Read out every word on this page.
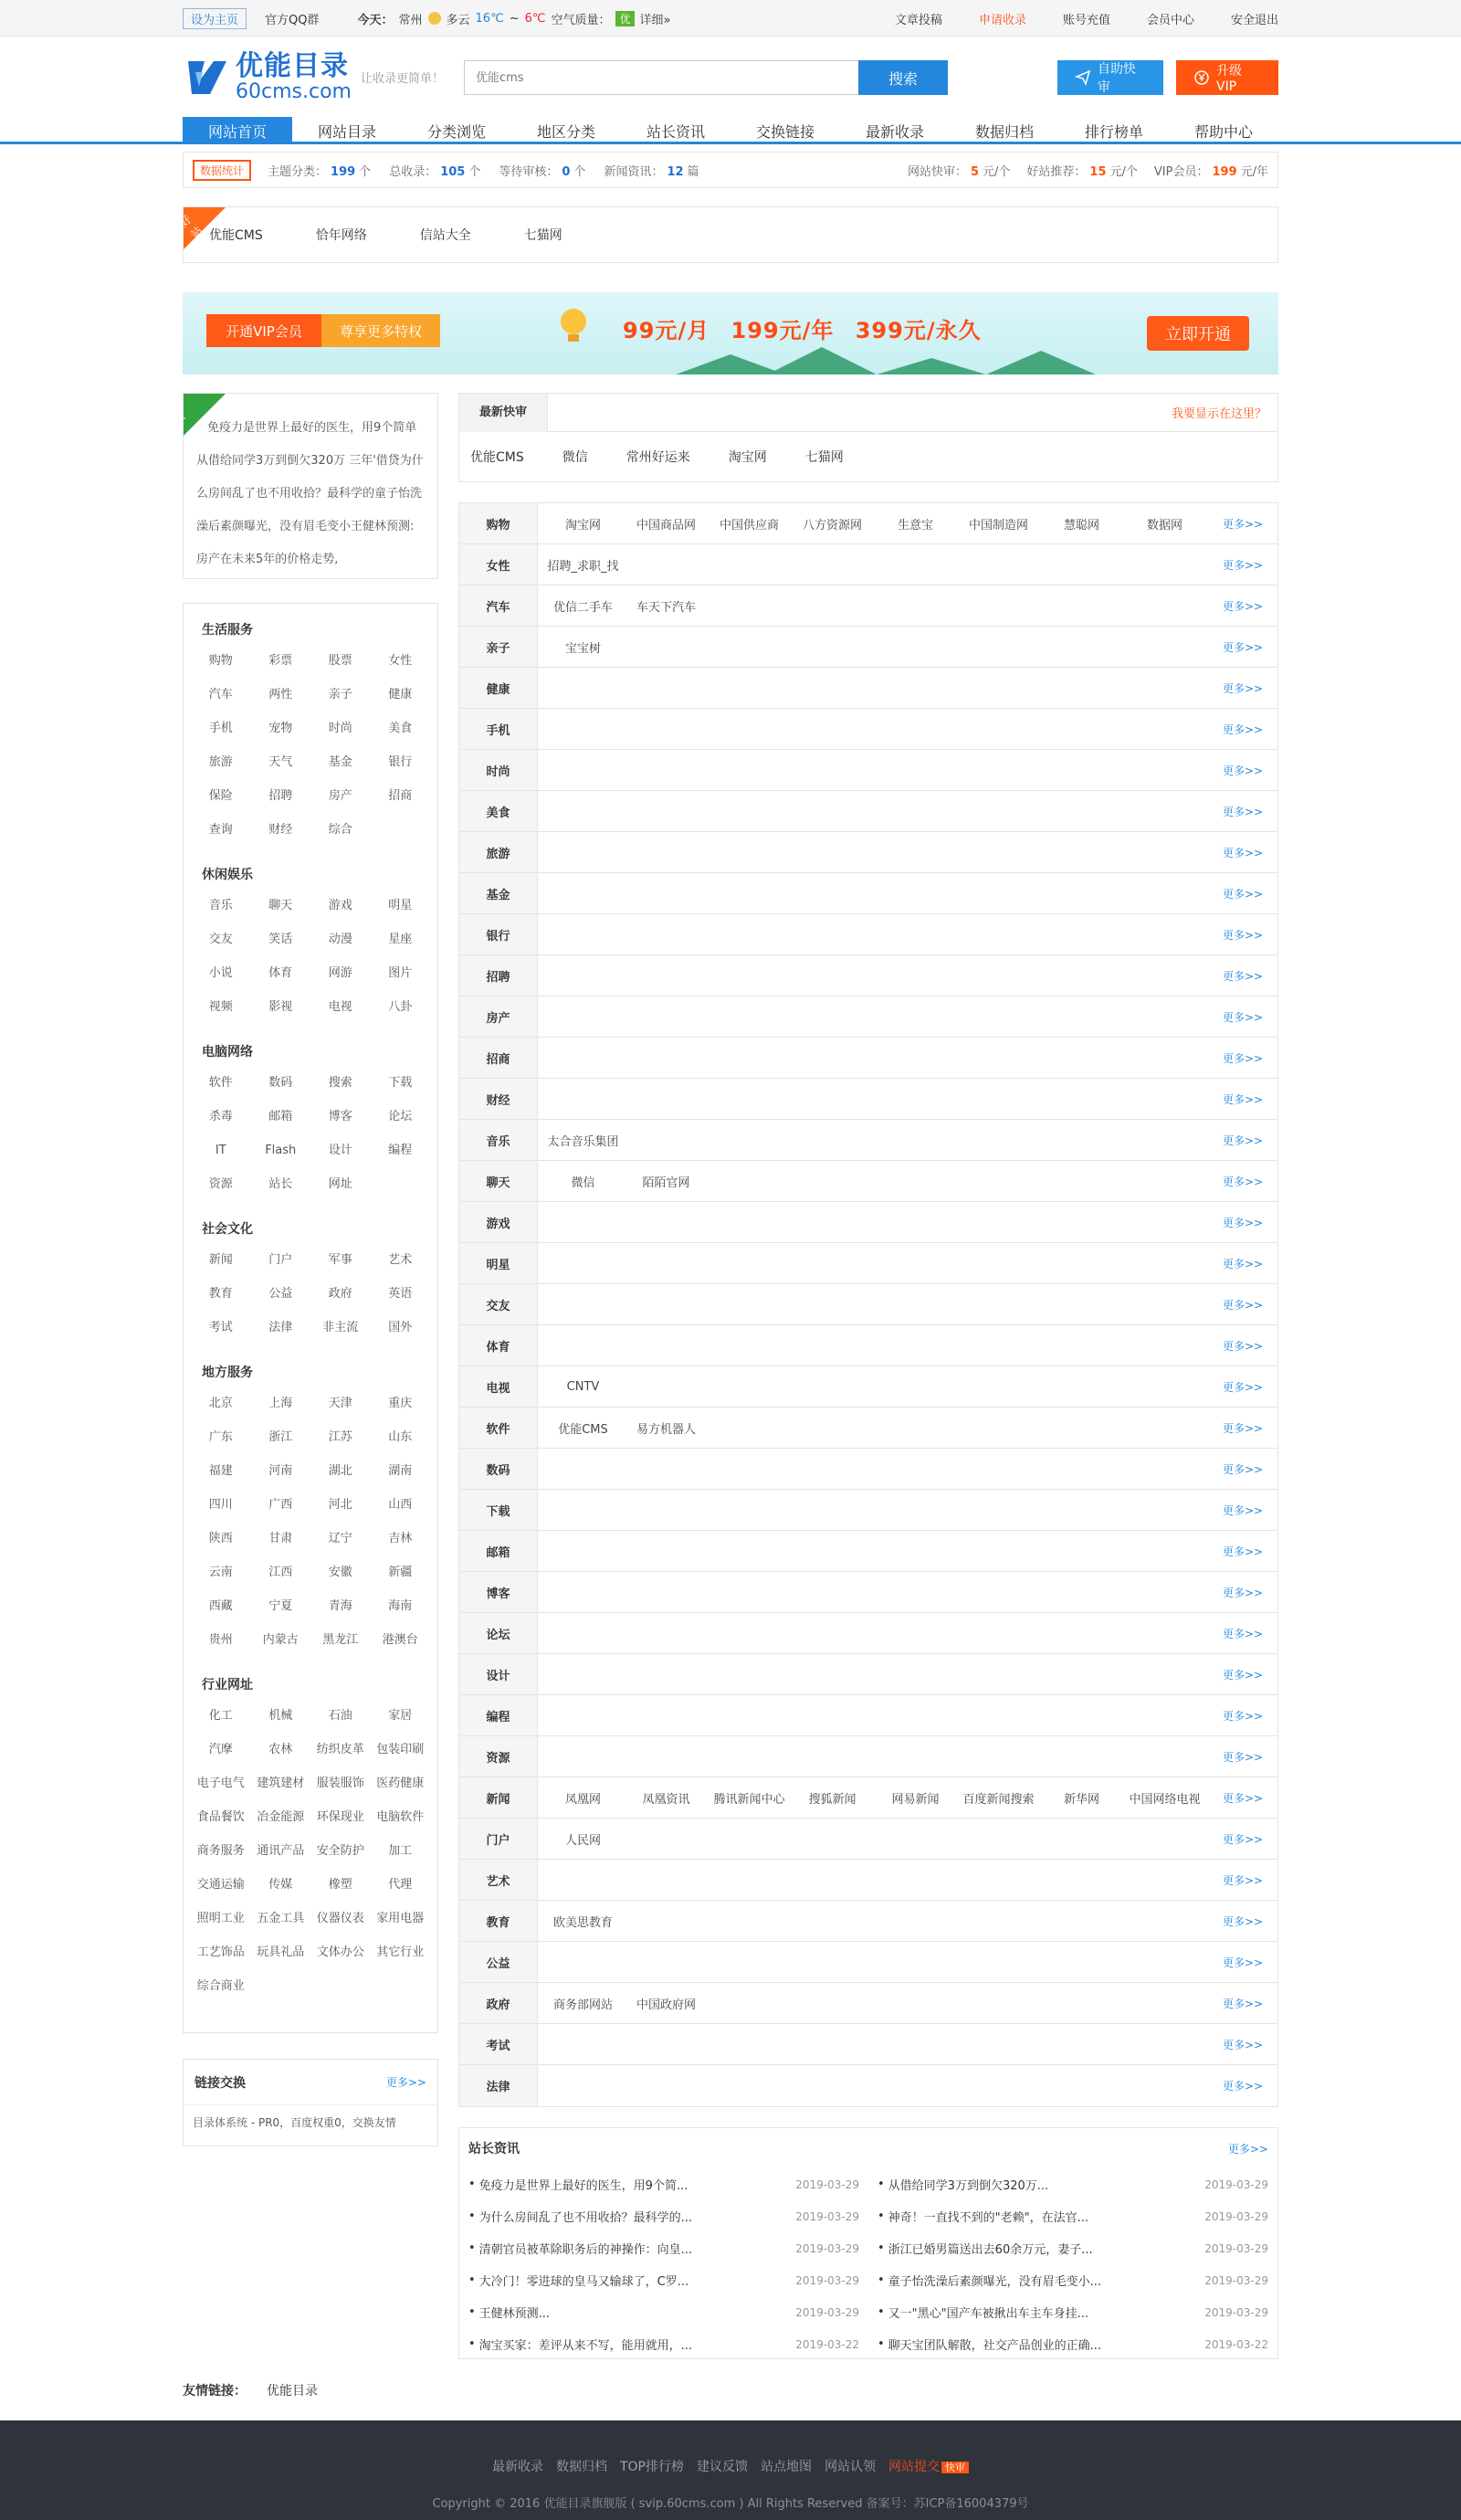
设为主页	官方QQ群	今天： 常州 多云 16℃ ~ 6℃ 空气质量： 优 详细»	文章投稿	申请收录	账号充值	会员中心	安全退出
优能目录
60cms.com
让收录更简单！
优能cms	搜索
自助快审
升级VIP
网站首页	网站目录	分类浏览	地区分类	站长资讯	交换链接	最新收录	数据归档	排行榜单	帮助中心
数据统计	主题分类： 199 个 总收录： 105 个 等待审核： 0 个 新闻资讯： 12 篇	网站快审： 5 元/个 好站推荐： 15 元/个 VIP会员： 199 元/年
好站 优能CMS	恰年网络	信站大全	七猫网
开通VIP会员	尊享更多特权	99元/月 199元/年 399元/永久	立即开通
头条

免疫力是世界上最好的医生，用9个简单从借给同学3万到倒欠320万 三年'借贷为什么房间乱了也不用收拾？最科学的童子怡洗澡后素颜曝光，没有眉毛变小王健林预测: 房产在未来5年的价格走势,

生活服务
购物	彩票	股票	女性
汽车	两性	亲子	健康
手机	宠物	时尚	美食
旅游	天气	基金	银行
保险	招聘	房产	招商
查询	财经	综合
休闲娱乐
音乐	聊天	游戏	明星
交友	笑话	动漫	星座
小说	体育	网游	图片
视频	影视	电视	八卦
电脑网络
软件	数码	搜索	下载
杀毒	邮箱	博客	论坛
IT	Flash	设计	编程
资源	站长	网址
社会文化
新闻	门户	军事	艺术
教育	公益	政府	英语
考试	法律	非主流	国外
地方服务
北京	上海	天津	重庆
广东	浙江	江苏	山东
福建	河南	湖北	湖南
四川	广西	河北	山西
陕西	甘肃	辽宁	吉林
云南	江西	安徽	新疆
西藏	宁夏	青海	海南
贵州	内蒙古	黑龙江	港澳台
行业网址
化工	机械	石油	家居
汽摩	农林	纺织皮革	包装印刷
电子电气	建筑建材	服装服饰	医药健康
食品餐饮	冶金能源	环保现业	电脑软件
商务服务	通讯产品	安全防护	加工
交通运输	传媒	橡塑	代理
照明工业	五金工具	仪器仪表	家用电器
工艺饰品	玩具礼品	文体办公	其它行业
综合商业
链接交换	更多>>
目录体系统 - PR0，百度权重0，交换友情
最新快审	我要显示在这里？
优能CMS	微信	常州好运来	淘宝网	七猫网
购物	淘宝网	中国商品网	中国供应商	八方资源网	生意宝	中国制造网	慧聪网	数据网	更多>>
女性	招聘_求职_找	更多>>
汽车	优信二手车	车天下汽车	更多>>
亲子	宝宝树	更多>>
健康	更多>>
手机	更多>>
时尚	更多>>
美食	更多>>
旅游	更多>>
基金	更多>>
银行	更多>>
招聘	更多>>
房产	更多>>
招商	更多>>
财经	更多>>
音乐	太合音乐集团	更多>>
聊天	微信	陌陌官网	更多>>
游戏	更多>>
明星	更多>>
交友	更多>>
体育	更多>>
电视	CNTV	更多>>
软件	优能CMS	易方机器人	更多>>
数码	更多>>
下载	更多>>
邮箱	更多>>
博客	更多>>
论坛	更多>>
设计	更多>>
编程	更多>>
资源	更多>>
新闻	凤凰网	凤凰资讯	腾讯新闻中心	搜狐新闻	网易新闻	百度新闻搜索	新华网	中国网络电视	更多>>
门户	人民网	更多>>
艺术	更多>>
教育	欧美思教育	更多>>
公益	更多>>
政府	商务部网站	中国政府网	更多>>
考试	更多>>
法律	更多>>
站长资讯	更多>>
• 免疫力是世界上最好的医生，用9个简...	2019-03-29 • 从借给同学3万到倒欠320万...	2019-03-29
• 为什么房间乱了也不用收拾？最科学的...	2019-03-29 • 神奇！一直找不到的"老赖"，在法官...	2019-03-29
• 清朝官员被革除职务后的神操作：向皇...	2019-03-29 • 浙江已婚男篇送出去60余万元，妻子...	2019-03-29
• 大冷门！零进球的皇马又输球了，C罗...	2019-03-29 • 童子怡洗澡后素颜曝光，没有眉毛变小...	2019-03-29
• 王健林预测...	2019-03-29 • 又一"黑心"国产车被揪出车主车身挂...	2019-03-29
• 淘宝买家：差评从来不写，能用就用，...	2019-03-22 • 聊天宝团队解散，社交产品创业的正确...	2019-03-22
友情链接： 优能目录
最新收录 数据归档 TOP排行榜 建议反馈 站点地图 网站认领 网站提交 快审
Copyright © 2016 优能目录旗舰版 ( svip.60cms.com ) All Rights Reserved 备案号：苏ICP备16004379号
